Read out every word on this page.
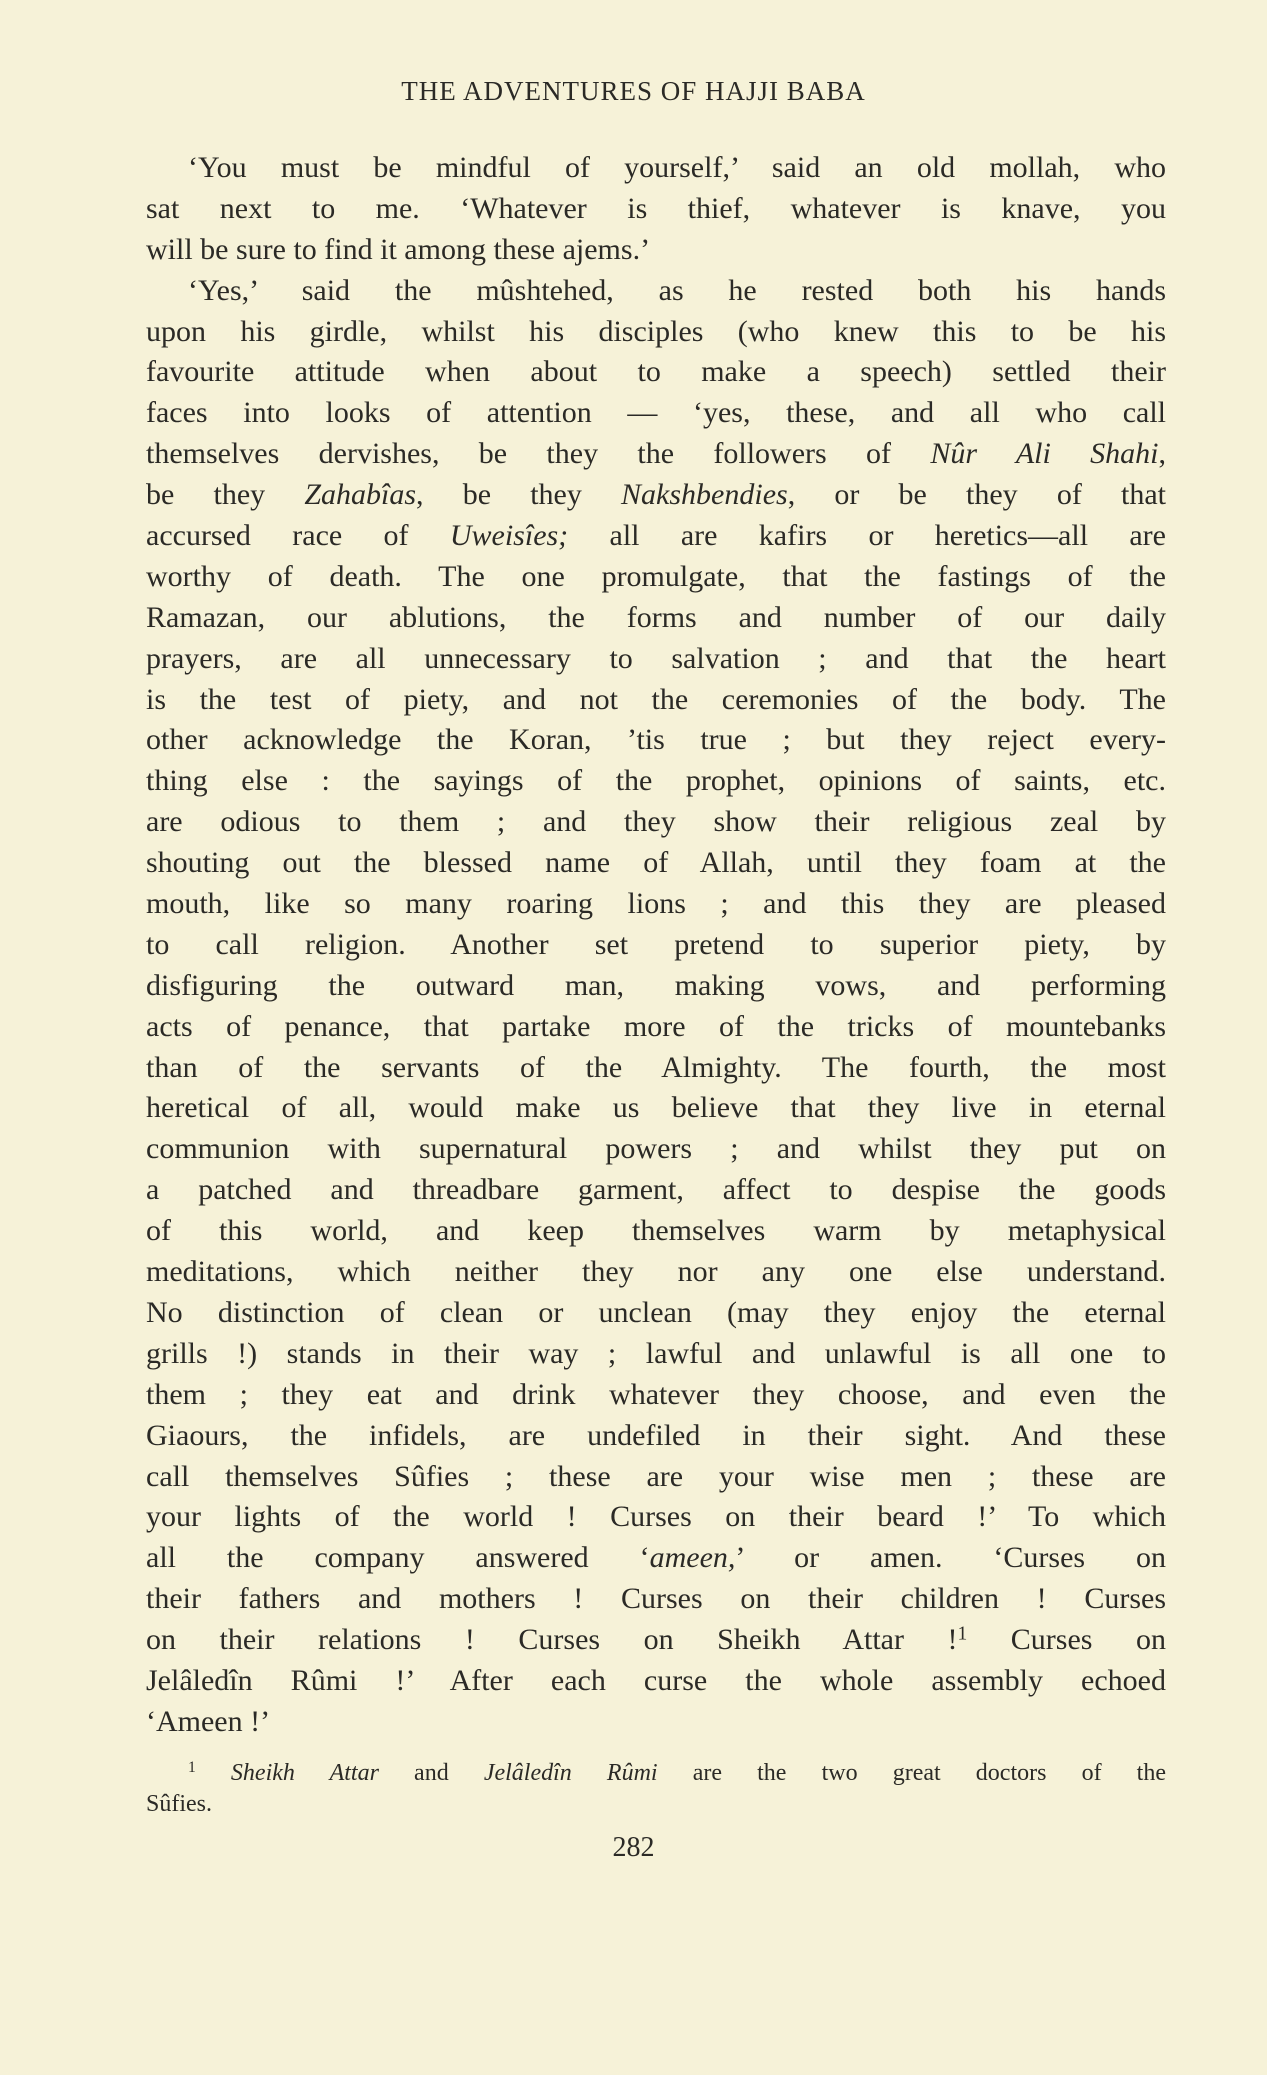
THE ADVENTURES OF HAJJI BABA
‘You must be mindful of yourself,’ said an old mollah, who
sat next to me. ‘Whatever is thief, whatever is knave, you
will be sure to find it among these ajems.’
‘Yes,’ said the mûshtehed, as he rested both his hands
upon his girdle, whilst his disciples (who knew this to be his
favourite attitude when about to make a speech) settled their
faces into looks of attention — ‘yes, these, and all who call
themselves dervishes, be they the followers of Nûr Ali Shahi,
be they Zahabîas, be they Nakshbendies, or be they of that
accursed race of Uweisîes; all are kafirs or heretics—all are
worthy of death. The one promulgate, that the fastings of the
Ramazan, our ablutions, the forms and number of our daily
prayers, are all unnecessary to salvation ; and that the heart
is the test of piety, and not the ceremonies of the body. The
other acknowledge the Koran, ’tis true ; but they reject every-
thing else : the sayings of the prophet, opinions of saints, etc.
are odious to them ; and they show their religious zeal by
shouting out the blessed name of Allah, until they foam at the
mouth, like so many roaring lions ; and this they are pleased
to call religion. Another set pretend to superior piety, by
disfiguring the outward man, making vows, and performing
acts of penance, that partake more of the tricks of mountebanks
than of the servants of the Almighty. The fourth, the most
heretical of all, would make us believe that they live in eternal
communion with supernatural powers ; and whilst they put on
a patched and threadbare garment, affect to despise the goods
of this world, and keep themselves warm by metaphysical
meditations, which neither they nor any one else understand.
No distinction of clean or unclean (may they enjoy the eternal
grills !) stands in their way ; lawful and unlawful is all one to
them ; they eat and drink whatever they choose, and even the
Giaours, the infidels, are undefiled in their sight. And these
call themselves Sûfies ; these are your wise men ; these are
your lights of the world ! Curses on their beard !’ To which
all the company answered ‘ameen,’ or amen. ‘Curses on
their fathers and mothers ! Curses on their children ! Curses
on their relations ! Curses on Sheikh Attar !$^1$ Curses on
Jelâledîn Rûmi !’ After each curse the whole assembly echoed
‘Ameen !’
$^1$ Sheikh Attar and Jelâledîn Rûmi are the two great doctors of the
Sûfies.
282
